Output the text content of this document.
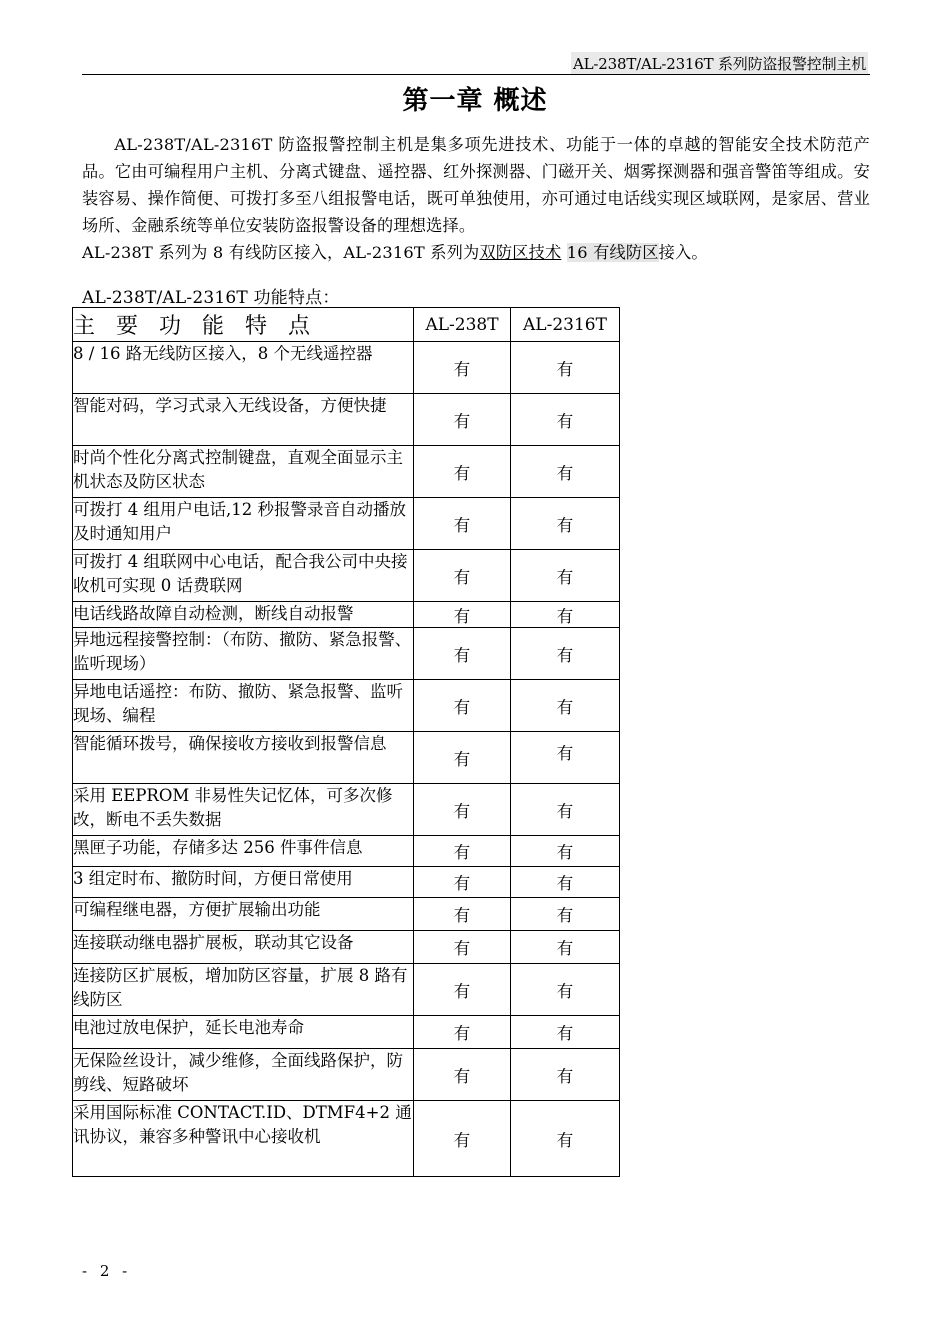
AL-238T/AL-2316T 系列防盗报警控制主机
第一章 概述

AL-238T/AL-2316T 防盗报警控制主机是集多项先进技术、功能于一体的卓越的智能安全技术防范产品。它由可编程用户主机、分离式键盘、遥控器、红外探测器、门磁开关、烟雾探测器和强音警笛等组成。安装容易、操作简便、可拨打多至八组报警电话，既可单独使用，亦可通过电话线实现区域联网，是家居、营业场所、金融系统等单位安装防盗报警设备的理想选择。

AL-238T 系列为 8 有线防区接入，AL-2316T 系列为双防区技术 16 有线防区接入。

AL-238T/AL-2316T 功能特点：
主要功能特点	AL-238T	AL-2316T
8 / 16 路无线防区接入，8 个无线遥控器	有	有
智能对码，学习式录入无线设备，方便快捷	有	有
时尚个性化分离式控制键盘，直观全面显示主机状态及防区状态	有	有
可拨打 4 组用户电话,12 秒报警录音自动播放及时通知用户	有	有
可拨打 4 组联网中心电话，配合我公司中央接收机可实现 0 话费联网	有	有
电话线路故障自动检测，断线自动报警	有	有
异地远程接警控制：（布防、撤防、紧急报警、监听现场）	有	有
异地电话遥控：布防、撤防、紧急报警、监听现场、编程	有	有
智能循环拨号，确保接收方接收到报警信息	有	有
采用 EEPROM 非易性失记忆体，可多次修改，断电不丢失数据	有	有
黑匣子功能，存储多达 256 件事件信息	有	有
3 组定时布、撤防时间，方便日常使用	有	有
可编程继电器，方便扩展输出功能	有	有
连接联动继电器扩展板，联动其它设备	有	有
连接防区扩展板，增加防区容量，扩展 8 路有线防区	有	有
电池过放电保护，延长电池寿命	有	有
无保险丝设计，减少维修，全面线路保护，防剪线、短路破坏	有	有
采用国际标准 CONTACT.ID、DTMF4+2 通讯协议，兼容多种警讯中心接收机	有	有
- 2 -
